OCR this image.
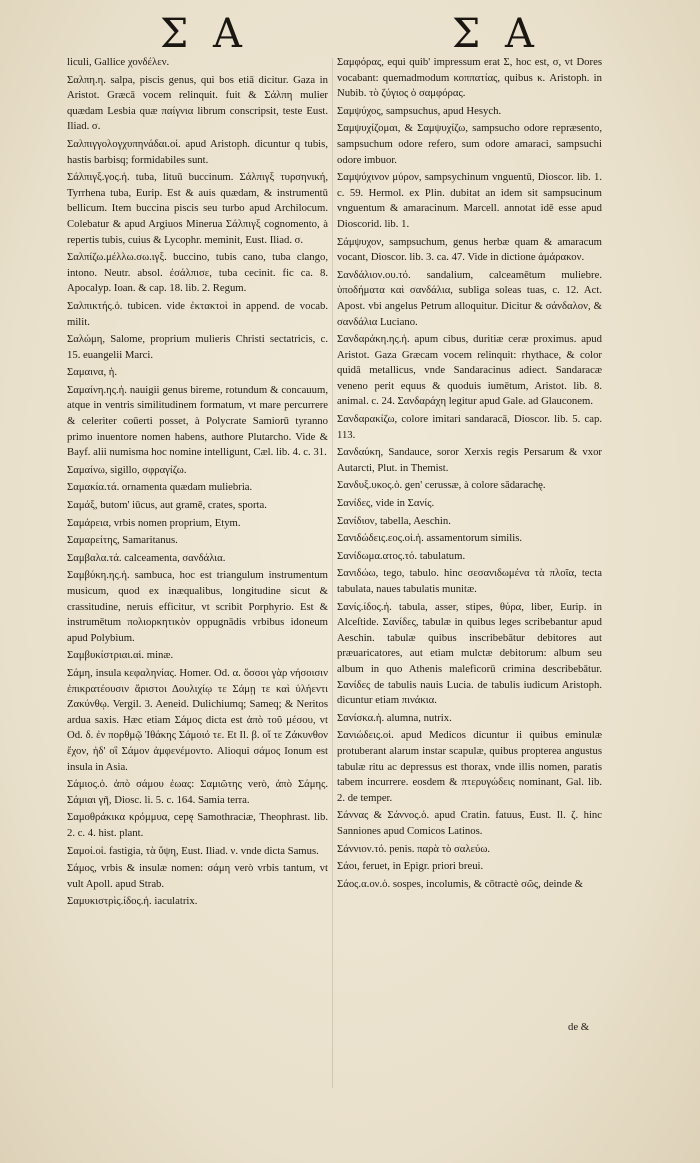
Σ A	Σ A

liculi, Gallice χονδέλεν.

Σαλπη.η. salpa, piscis genus, qui bos etiā dicitur. Gaza in Aristot. Græcā vocem relinquit. fuit & Σάλπη mulier quædam Lesbia quæ παίγνια librum conscripsit, teste Eust. Iliad. σ.

Σαλπιγγολογχυπηνάδαι.οἱ. apud Aristoph. dicuntur q tubis, hastis barbisq; formidabiles sunt.

Σάλπιγξ.γος.ἡ. tuba, lituū buccinum. Σάλπιγξ τυρσηνική, Tyrrhena tuba, Eurip. Est & auis quædam, & instrumentū bellicum. Item buccina piscis seu turbo apud Archilocum. Colebatur & apud Argiuos Minerua Σάλπιγξ cognomento, à repertis tubis, cuius & Lycophr. meminit, Eust. Iliad. σ.

Σαλπίζω.μέλλω.σω.ιγξ. buccino, tubis cano, tuba clango, intono. Neutr. absol. ἐσάλπισε, tuba cecinit. fic ca. 8. Apocalyp. Ioan. & cap. 18. lib. 2. Regum.

Σαλπικτής.ὁ. tubicen. vide ἐκτακτοὶ in append. de vocab. milit.

Σαλώμη, Salome, proprium mulieris Christi sectatricis, c. 15. euangelii Marci.

Σαμαινα, ἡ.

Σαμαίνη.ης.ἡ. nauigii genus bireme, rotundum & concauum, atque in ventris similitudinem formatum, vt mare percurrere & celeriter coūerti posset, à Polycrate Samiorū tyranno primo inuentore nomen habens, authore Plutarcho. Vide & Bayf. alii numisma hoc nomine intelligunt, Cæl. lib. 4. c. 31.

Σαμαίνω, sigillo, σφραγίζω.

Σαμακία.τά. ornamenta quædam muliebria.

Σαμάξ, butom' iūcus, aut gramē, crates, sporta.

Σαμάρεια, vrbis nomen proprium, Etym.

Σαμαρείτης, Samaritanus.

Σαμβαλα.τά. calceamenta, σανδάλια.

Σαμβύκη.ης.ἡ. sambuca, hoc est triangulum instrumentum musicum, quod ex inæqualibus, longitudine sicut & crassitudine, neruis efficitur, vt scribit Porphyrio. Est & instrumētum πολιορκητικὸν oppugnādis vrbibus idoneum apud Polybium.

Σαμβυκίστριαι.αἱ. minæ.

Σάμη, insula κεφαληνίας. Homer. Od. α. ὅσσοι γὰρ νήσοισιν ἐπικρατέουσιν ἄριστοι Δουλιχίῳ τε Σάμῃ τε καὶ ὑλήεντι Ζακύνθῳ. Vergil. 3. Aeneid. Dulichiumq; Sameq; & Neritos ardua saxis. Hæc etiam Σάμος dicta est ἀπὸ τοῦ μέσου, vt Od. δ. ἐν πορθμῷ Ἰθάκης Σάμοιό τε. Et Il. β. οἵ τε Ζάκυνθον ἔχον, ἠδ' οἳ Σάμον ἀμφενέμοντο. Alioqui σάμος Ionum est insula in Asia.

Σάμιος.ὁ. ἀπὸ σάμου ἐωας: Σαμιῶτης verò, ἀπὸ Σάμης. Σάμιαι γῆ, Diosc. li. 5. c. 164. Samia terra.

Σαμοθράκικα κρόμμυα, cepę Samothraciæ, Theophrast. lib. 2. c. 4. hist. plant.

Σαμοί.οἱ. fastigia, τὰ ὕψη, Eust. Iliad. ν. vnde dicta Samus.

Σάμος, vrbis & insulæ nomen: σάμη verò vrbis tantum, vt vult Apoll. apud Strab.

Σαμυκιστρὶς.ίδος.ἡ. iaculatrix.

Σαμφόρας, equi quib' impressum erat Σ, hoc est, σ, vt Dores vocabant: quemadmodum κοππατίας, quibus κ. Aristoph. in Nubib. τὸ ζύγιος ὁ σαμφόρας.

Σαμψύχος, sampsuchus, apud Hesych.

Σαμψυχίζομαι, & Σαμψυχίζω, sampsucho odore repræsento, sampsuchum odore refero, sum odore amaraci, sampsuchi odore imbuor.

Σαμψύχινον μύρον, sampsychinum vnguentū, Dioscor. lib. 1. c. 59. Hermol. ex Plin. dubitat an idem sit sampsucinum vnguentum & amaracinum. Marcell. annotat idē esse apud Dioscorid. lib. 1.

Σάμψυχον, sampsuchum, genus herbæ quam & amaracum vocant, Dioscor. lib. 3. ca. 47. Vide in dictione ἀμάρακον.

Σανδάλιον.ου.τό. sandalium, calceamētum muliebre. ὑποδήματα καὶ σανδάλια, subliga soleas tuas, c. 12. Act. Apost. vbi angelus Petrum alloquitur. Dicitur & σάνδαλον, & σανδάλια Luciano.

Σανδαράκη.ης.ἡ. apum cibus, duritiæ ceræ proximus. apud Aristot. Gaza Græcam vocem relinquit: rhythace, & color quidā metallicus, vnde Sandaracinus adiect. Sandaracæ veneno perit equus & quoduis iumētum, Aristot. lib. 8. animal. c. 24. Σανδαράχη legitur apud Gale. ad Glauconem.

Σανδαρακίζω, colore imitari sandaracā, Dioscor. lib. 5. cap. 113.

Σανδαύκη, Sandauce, soror Xerxis regis Persarum & vxor Autarcti, Plut. in Themist.

Σανδυξ.υκος.ὁ. gen' cerussæ, à colore sādarachę.

Σανίδες, vide in Σανίς.

Σανίδιον, tabella, Aeschin.

Σανιδώδεις.εος.οἱ.ἡ. assamentorum similis.

Σανίδωμα.ατος.τό. tabulatum.

Σανιδώω, tego, tabulo. hinc σεσανιδωμένα τὰ πλοῖα, tecta tabulata, naues tabulatis munitæ.

Σανίς.ίδος.ἡ. tabula, asser, stipes, θύρα, liber, Eurip. in Alceſtide. Σανίδες, tabulæ in quibus leges scribebantur apud Aeschin. tabulæ quibus inscribebātur debitores aut præuaricatores, aut etiam mulctæ debitorum: album seu album in quo Athenis maleficorū crimina describebātur. Σανίδες de tabulis nauis Lucia. de tabulis iudicum Aristoph. dicuntur etiam πινάκια.

Σανίσκα.ἡ. alumna, nutrix.

Σανιώδεις.οἱ. apud Medicos dicuntur ii quibus eminulæ protuberant alarum instar scapulæ, quibus propterea angustus tabulæ ritu ac depressus est thorax, vnde illis nomen, paratis tabem incurrere. eosdem & πτερυγώδεις nominant, Gal. lib. 2. de temper.

Σάννας & Σάννος.ὁ. apud Cratin. fatuus, Eust. Il. ζ. hinc Sanniones apud Comicos Latinos.

Σάννιον.τό. penis. παρὰ τὸ σαλεύω.

Σάοι, feruet, in Epigr. priori breui.

Σάος.α.ον.ὁ. sospes, incolumis, & cōtractè σῶς, deinde &

de &
